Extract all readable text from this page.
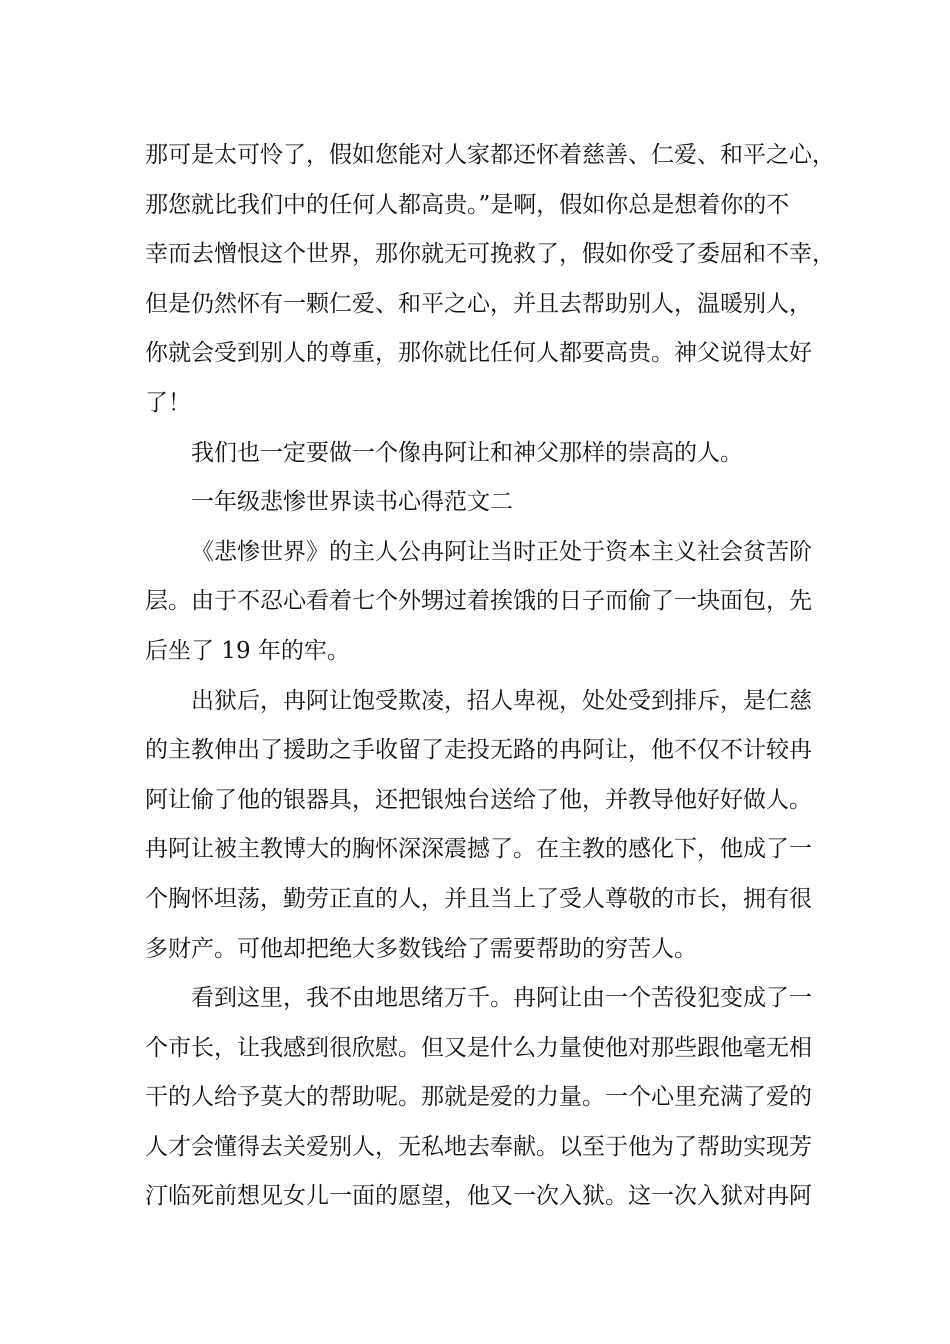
那可是太可怜了，假如您能对人家都还怀着慈善、仁爱、和平之心，
那您就比我们中的任何人都高贵。”是啊，假如你总是想着你的不
幸而去憎恨这个世界，那你就无可挽救了，假如你受了委屈和不幸，
但是仍然怀有一颗仁爱、和平之心，并且去帮助别人，温暖别人，
你就会受到别人的尊重，那你就比任何人都要高贵。神父说得太好
了！
我们也一定要做一个像冉阿让和神父那样的崇高的人。
一年级悲惨世界读书心得范文二
《悲惨世界》的主人公冉阿让当时正处于资本主义社会贫苦阶
层。由于不忍心看着七个外甥过着挨饿的日子而偷了一块面包，先
后坐了 19 年的牢。
出狱后，冉阿让饱受欺凌，招人卑视，处处受到排斥，是仁慈
的主教伸出了援助之手收留了走投无路的冉阿让，他不仅不计较冉
阿让偷了他的银器具，还把银烛台送给了他，并教导他好好做人。
冉阿让被主教博大的胸怀深深震撼了。在主教的感化下，他成了一
个胸怀坦荡，勤劳正直的人，并且当上了受人尊敬的市长，拥有很
多财产。可他却把绝大多数钱给了需要帮助的穷苦人。
看到这里，我不由地思绪万千。冉阿让由一个苦役犯变成了一
个市长，让我感到很欣慰。但又是什么力量使他对那些跟他毫无相
干的人给予莫大的帮助呢。那就是爱的力量。一个心里充满了爱的
人才会懂得去关爱别人，无私地去奉献。以至于他为了帮助实现芳
汀临死前想见女儿一面的愿望，他又一次入狱。这一次入狱对冉阿
